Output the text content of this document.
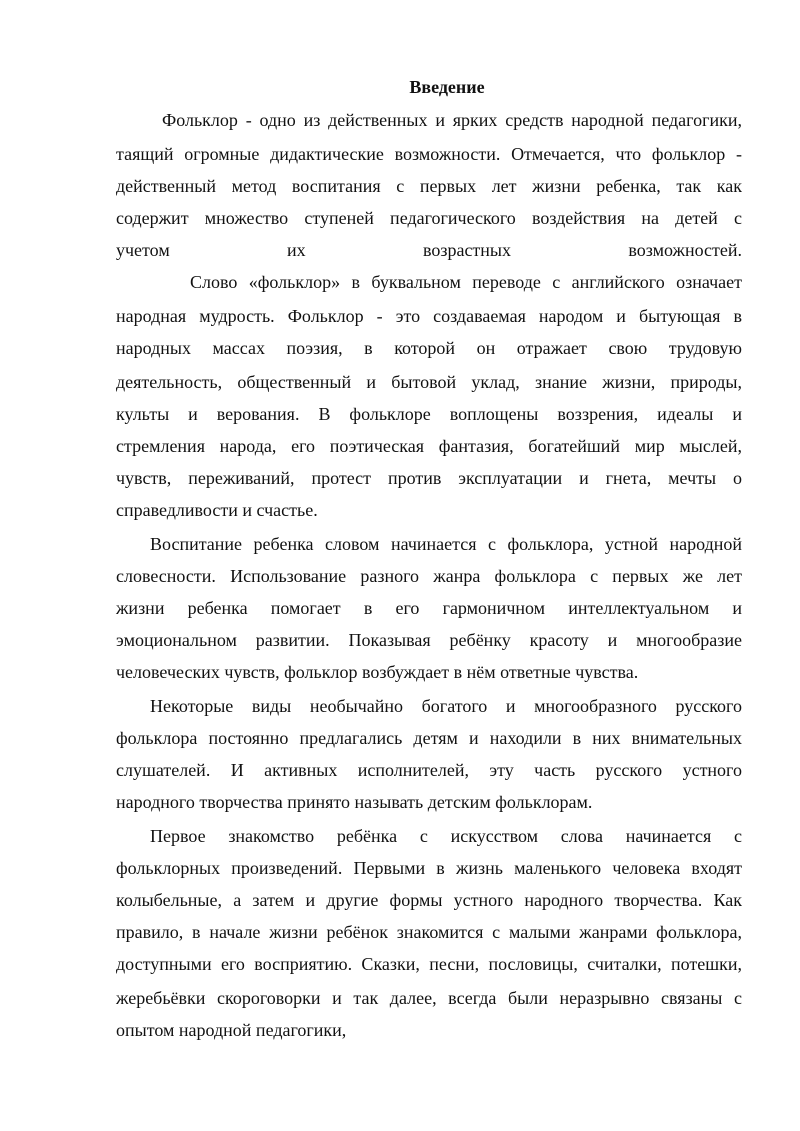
Введение
Фольклор - одно из действенных и ярких средств народной педагогики,
таящий огромные дидактические возможности. Отмечается, что фольклор -
действенный метод воспитания с первых лет жизни ребенка, так как
содержит множество ступеней педагогического воздействия на детей с
учетом их возрастных возможностей.
Слово «фольклор» в буквальном переводе с английского означает
народная мудрость. Фольклор - это создаваемая народом и бытующая в
народных массах поэзия, в которой он отражает свою трудовую
деятельность, общественный и бытовой уклад, знание жизни, природы,
культы и верования. В фольклоре воплощены воззрения, идеалы и
стремления народа, его поэтическая фантазия, богатейший мир мыслей,
чувств, переживаний, протест против эксплуатации и гнета, мечты о
справедливости и счастье.
Воспитание ребенка словом начинается с фольклора, устной народной
словесности. Использование разного жанра фольклора с первых же лет
жизни ребенка помогает в его гармоничном интеллектуальном и
эмоциональном развитии. Показывая ребёнку красоту и многообразие
человеческих чувств, фольклор возбуждает в нём ответные чувства.
Некоторые виды необычайно богатого и многообразного русского
фольклора постоянно предлагались детям и находили в них внимательных
слушателей. И активных исполнителей, эту часть русского устного
народного творчества принято называть детским фольклорам.
Первое знакомство ребёнка с искусством слова начинается с
фольклорных произведений. Первыми в жизнь маленького человека входят
колыбельные, а затем и другие формы устного народного творчества. Как
правило, в начале жизни ребёнок знакомится с малыми жанрами фольклора,
доступными его восприятию. Сказки, песни, пословицы, считалки, потешки,
жеребьёвки скороговорки и так далее, всегда были неразрывно связаны с
опытом народной педагогики,
